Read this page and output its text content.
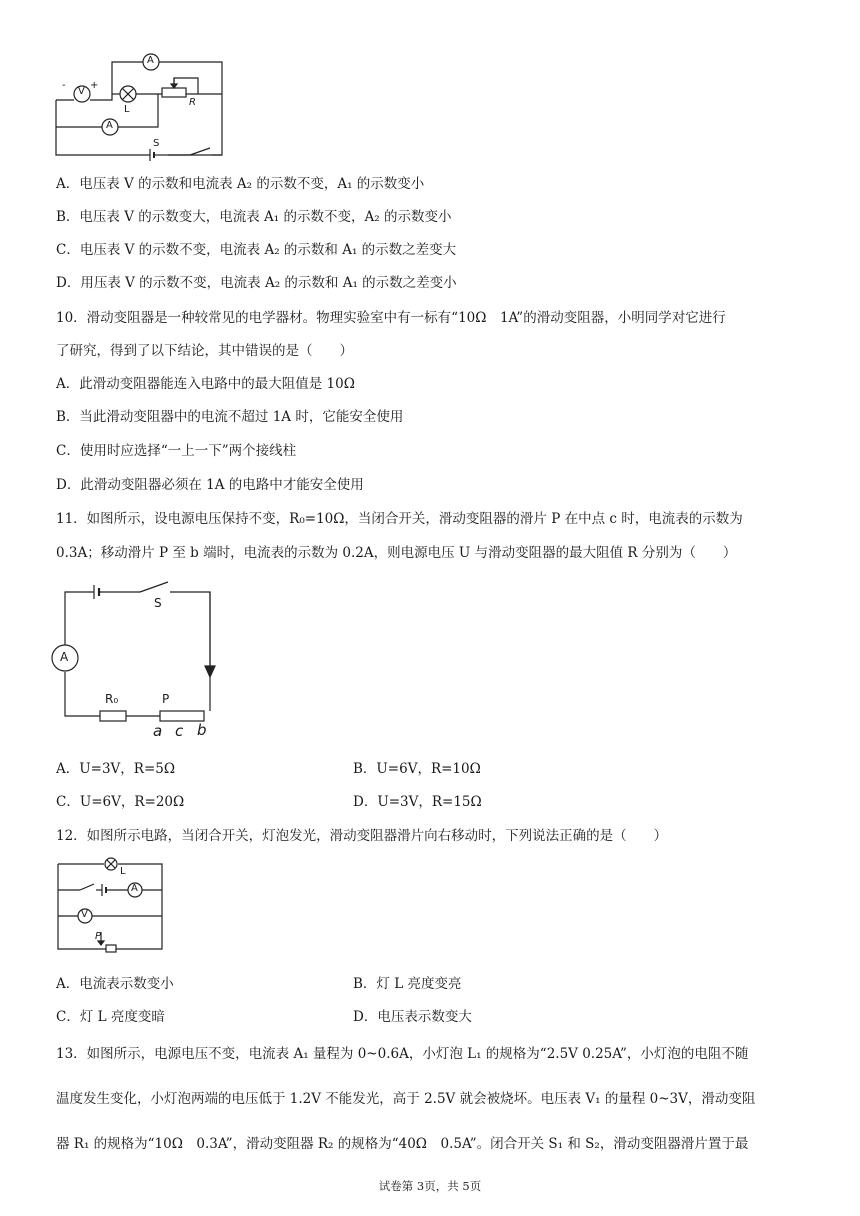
V
- +
A
A
L
R
S
A．电压表 V 的示数和电流表 A₂ 的示数不变，A₁ 的示数变小
B．电压表 V 的示数变大，电流表 A₁ 的示数不变，A₂ 的示数变小
C．电压表 V 的示数不变，电流表 A₂ 的示数和 A₁ 的示数之差变大
D．用压表 V 的示数不变，电流表 A₂ 的示数和 A₁ 的示数之差变小
10．滑动变阻器是一种较常见的电学器材。物理实验室中有一标有“10Ω　1A”的滑动变阻器，小明同学对它进行
了研究，得到了以下结论，其中错误的是（　　）
A．此滑动变阻器能连入电路中的最大阻值是 10Ω
B．当此滑动变阻器中的电流不超过 1A 时，它能安全使用
C．使用时应选择“一上一下”两个接线柱
D．此滑动变阻器必须在 1A 的电路中才能安全使用
11．如图所示，设电源电压保持不变，R₀=10Ω，当闭合开关，滑动变阻器的滑片 P 在中点 c 时，电流表的示数为
0.3A；移动滑片 P 至 b 端时，电流表的示数为 0.2A，则电源电压 U 与滑动变阻器的最大阻值 R 分别为（　　）
S
A
R₀	P
a c b
A．U=3V，R=5Ω	B．U=6V，R=10Ω
C．U=6V，R=20Ω	D．U=3V，R=15Ω
12．如图所示电路，当闭合开关，灯泡发光，滑动变阻器滑片向右移动时，下列说法正确的是（　　）
L
A
V
P
A．电流表示数变小	B．灯 L 亮度变亮
C．灯 L 亮度变暗	D．电压表示数变大
13．如图所示，电源电压不变，电流表 A₁ 量程为 0~0.6A，小灯泡 L₁ 的规格为“2.5V 0.25A”，小灯泡的电阻不随
温度发生变化，小灯泡两端的电压低于 1.2V 不能发光，高于 2.5V 就会被烧坏。电压表 V₁ 的量程 0~3V，滑动变阻
器 R₁ 的规格为“10Ω　0.3A”，滑动变阻器 R₂ 的规格为“40Ω　0.5A”。闭合开关 S₁ 和 S₂，滑动变阻器滑片置于最
试卷第 3页，共 5页
